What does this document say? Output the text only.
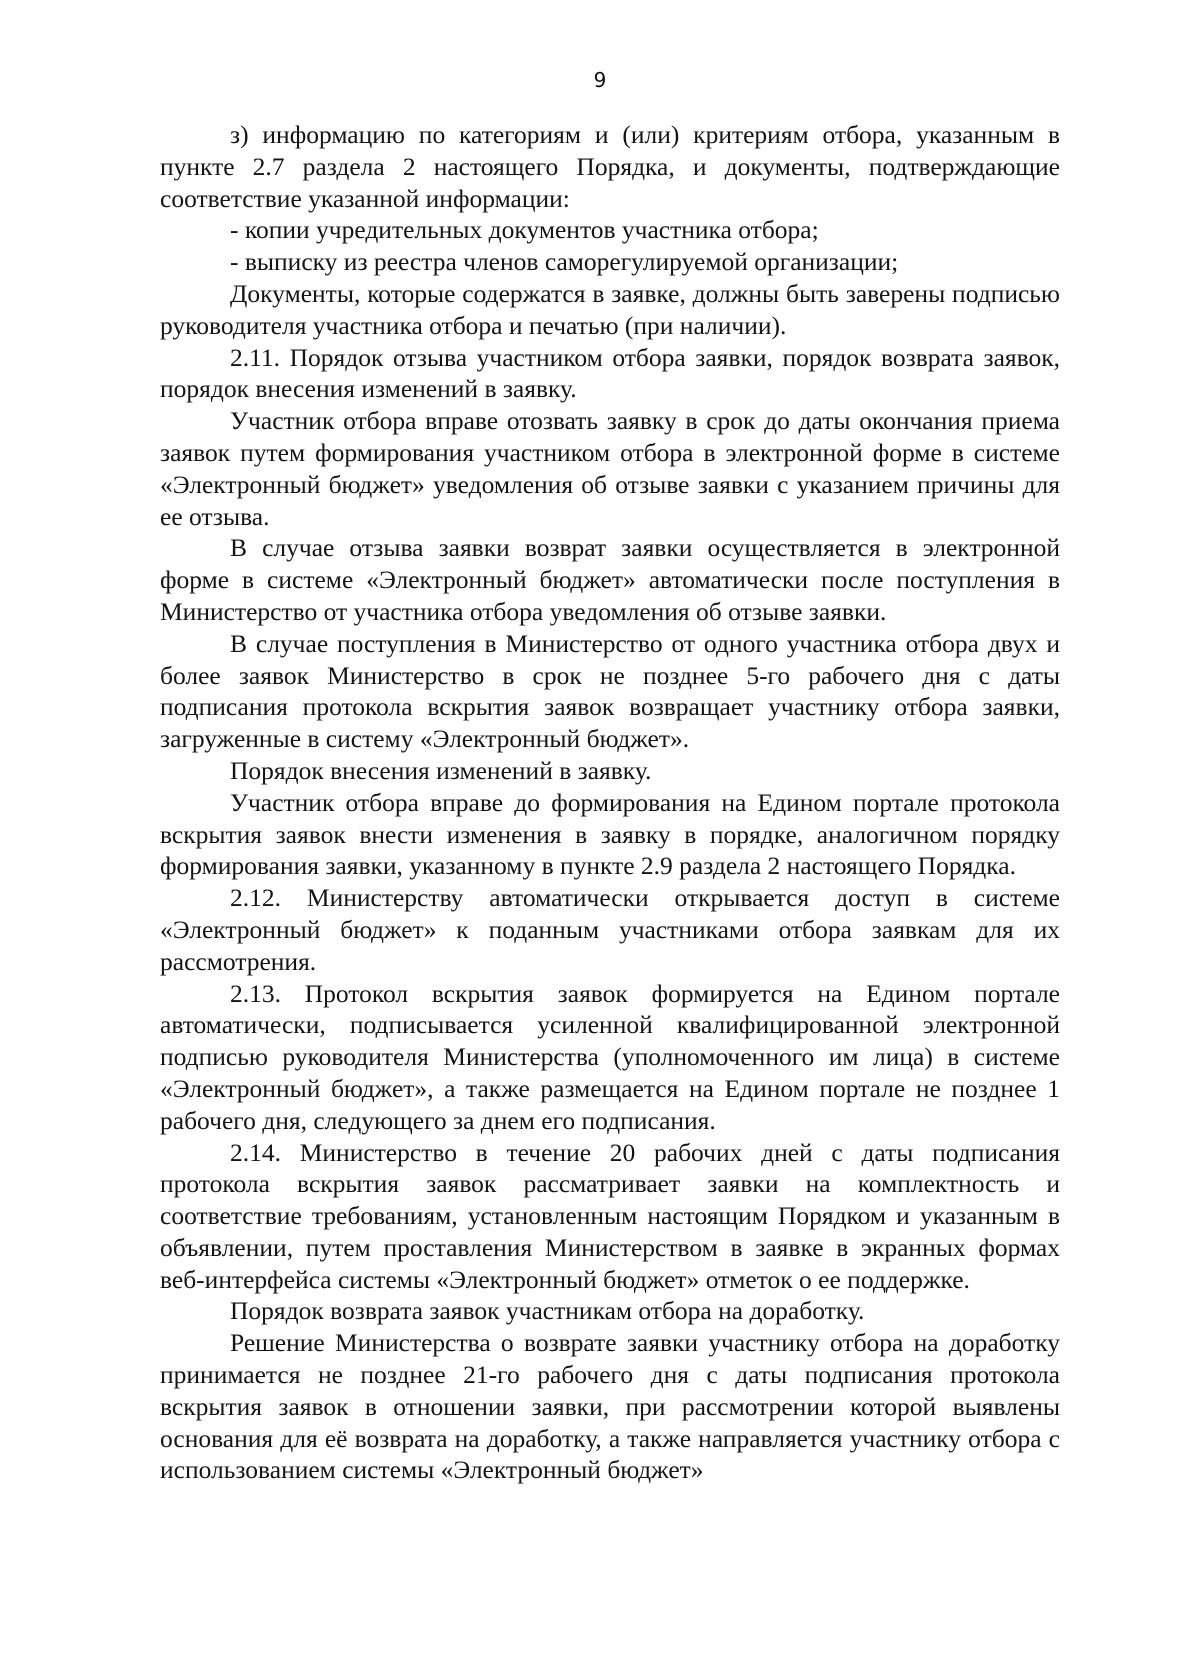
9

з) информацию по категориям и (или) критериям отбора, указанным в пункте 2.7 раздела 2 настоящего Порядка, и документы, подтверждающие соответствие указанной информации:

- копии учредительных документов участника отбора;

- выписку из реестра членов саморегулируемой организации;

Документы, которые содержатся в заявке, должны быть заверены подписью руководителя участника отбора и печатью (при наличии).

2.11. Порядок отзыва участником отбора заявки, порядок возврата заявок, порядок внесения изменений в заявку.

Участник отбора вправе отозвать заявку в срок до даты окончания приема заявок путем формирования участником отбора в электронной форме в системе «Электронный бюджет» уведомления об отзыве заявки с указанием причины для ее отзыва.

В случае отзыва заявки возврат заявки осуществляется в электронной форме в системе «Электронный бюджет» автоматически после поступления в Министерство от участника отбора уведомления об отзыве заявки.

В случае поступления в Министерство от одного участника отбора двух и более заявок Министерство в срок не позднее 5-го рабочего дня с даты подписания протокола вскрытия заявок возвращает участнику отбора заявки, загруженные в систему «Электронный бюджет».

Порядок внесения изменений в заявку.

Участник отбора вправе до формирования на Едином портале протокола вскрытия заявок внести изменения в заявку в порядке, аналогичном порядку формирования заявки, указанному в пункте 2.9 раздела 2 настоящего Порядка.

2.12. Министерству автоматически открывается доступ в системе «Электронный бюджет» к поданным участниками отбора заявкам для их рассмотрения.

2.13. Протокол вскрытия заявок формируется на Едином портале автоматически, подписывается усиленной квалифицированной электронной подписью руководителя Министерства (уполномоченного им лица) в системе «Электронный бюджет», а также размещается на Едином портале не позднее 1 рабочего дня, следующего за днем его подписания.

2.14. Министерство в течение 20 рабочих дней с даты подписания протокола вскрытия заявок рассматривает заявки на комплектность и соответствие требованиям, установленным настоящим Порядком и указанным в объявлении, путем проставления Министерством в заявке в экранных формах веб-интерфейса системы «Электронный бюджет» отметок о ее поддержке.

Порядок возврата заявок участникам отбора на доработку.

Решение Министерства о возврате заявки участнику отбора на доработку принимается не позднее 21-го рабочего дня с даты подписания протокола вскрытия заявок в отношении заявки, при рассмотрении которой выявлены основания для её возврата на доработку, а также направляется участнику отбора с использованием системы «Электронный бюджет»
